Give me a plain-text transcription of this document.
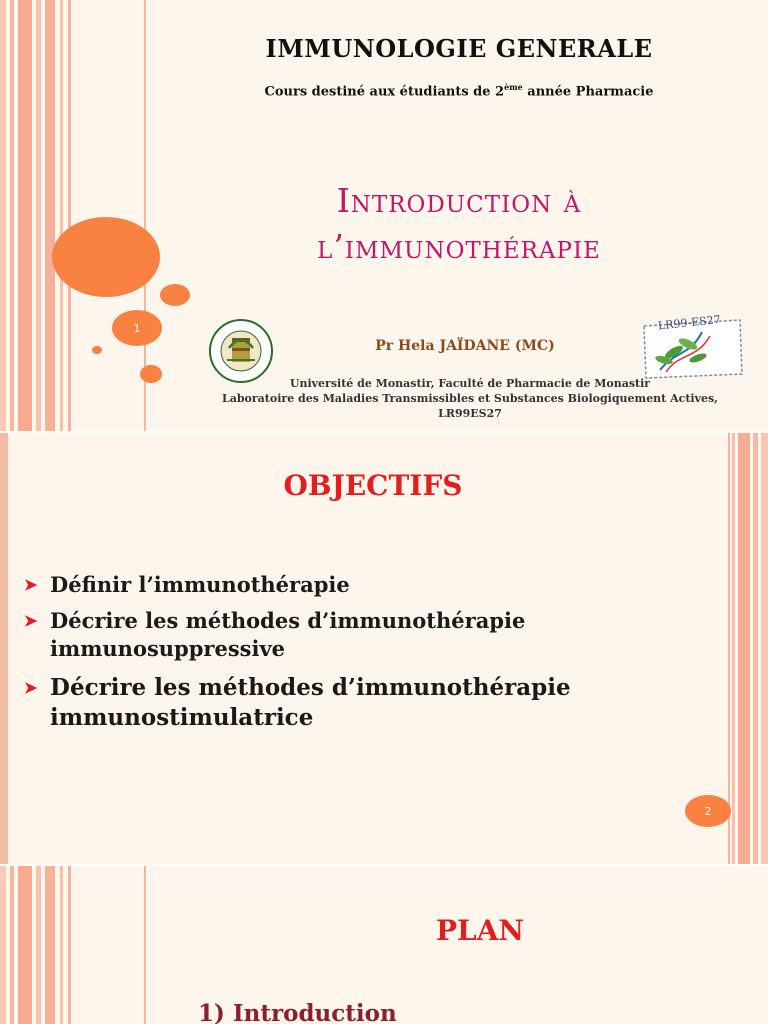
IMMUNOLOGIE GENERALE
Cours destiné aux étudiants de 2ème année Pharmacie
Introduction à
l’immunothérapie
1
Pr Hela JAÏDANE (MC)
LR99-ES27
Université de Monastir, Faculté de Pharmacie de Monastir
Laboratoire des Maladies Transmissibles et Substances Biologiquement Actives, LR99ES27
OBJECTIFS
➤ Définir l’immunothérapie
➤ Décrire les méthodes d’immunothérapie
immunosuppressive
➤ Décrire les méthodes d’immunothérapie
immunostimulatrice
2
PLAN
1) Introduction
